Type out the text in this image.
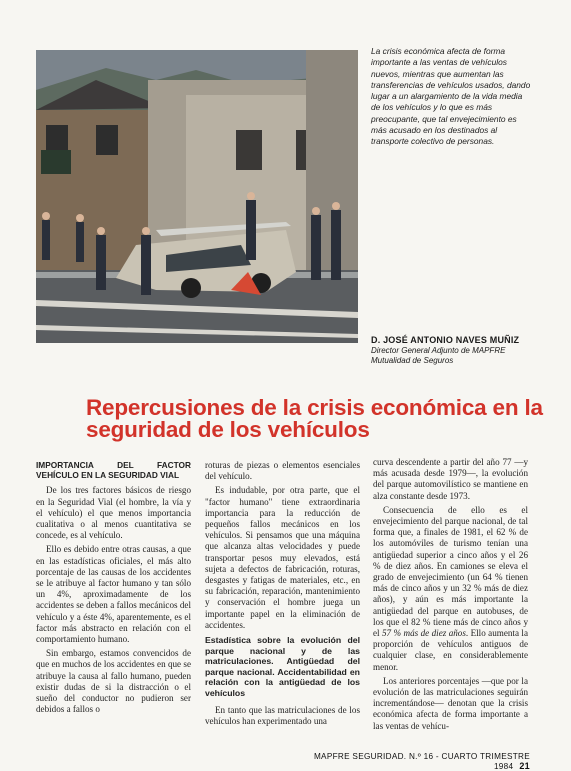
La crisis económica afecta de forma importante a las ventas de vehículos nuevos, mientras que aumentan las transferencias de vehículos usados, dando lugar a un alargamiento de la vida media de los vehículos y lo que es más preocupante, que tal envejecimiento es más acusado en los destinados al transporte colectivo de personas.
D. JOSÉ ANTONIO NAVES MUÑIZ
Director General Adjunto de MAPFRE
Mutualidad de Seguros
Repercusiones de la crisis económica en la seguridad de los vehículos
IMPORTANCIA DEL FACTOR VEHÍCULO EN LA SEGURIDAD VIAL

De los tres factores básicos de riesgo en la Seguridad Vial (el hombre, la vía y el vehículo) el que menos importancia cualitativa o al menos cuantitativa se concede, es al vehículo.

Ello es debido entre otras causas, a que en las estadísticas oficiales, el más alto porcentaje de las causas de los accidentes se le atribuye al factor humano y tan sólo un 4%, aproximadamente de los accidentes se deben a fallos mecánicos del vehículo y a éste 4%, aparentemente, es el factor más abstracto en relación con el comportamiento humano.

Sin embargo, estamos convencidos de que en muchos de los accidentes en que se atribuye la causa al fallo humano, pueden existir dudas de si la distracción o el sueño del conductor no pudieron ser debidos a fallos o

roturas de piezas o elementos esenciales del vehículo.

Es indudable, por otra parte, que el "factor humano" tiene extraordinaria importancia para la reducción de pequeños fallos mecánicos en los vehículos. Si pensamos que una máquina que alcanza altas velocidades y puede transportar pesos muy elevados, está sujeta a defectos de fabricación, roturas, desgastes y fatigas de materiales, etc., en su fabricación, reparación, mantenimiento y conservación el hombre juega un importante papel en la eliminación de accidentes.

Estadística sobre la evolución del parque nacional y de las matriculaciones. Antigüedad del parque nacional. Accidentabilidad en relación con la antigüedad de los vehículos

En tanto que las matriculaciones de los vehículos han experimentado una

curva descendente a partir del año 77 —y más acusada desde 1979—, la evolución del parque automovilístico se mantiene en alza constante desde 1973.

Consecuencia de ello es el envejecimiento del parque nacional, de tal forma que, a finales de 1981, el 62 % de los automóviles de turismo tenían una antigüedad superior a cinco años y el 26 % de diez años. En camiones se eleva el grado de envejecimiento (un 64 % tienen más de cinco años y un 32 % más de diez años), y aún es más importante la antigüedad del parque en autobuses, de los que el 82 % tiene más de cinco años y el 57 % más de diez años. Ello aumenta la proporción de vehículos antiguos de cualquier clase, en considerablemente menor.

Los anteriores porcentajes —que por la evolución de las matriculaciones seguirán incrementándose— denotan que la crisis económica afecta de forma importante a las ventas de vehícu-

MAPFRE SEGURIDAD. N.º 16 - CUARTO TRIMESTRE 1984 21
